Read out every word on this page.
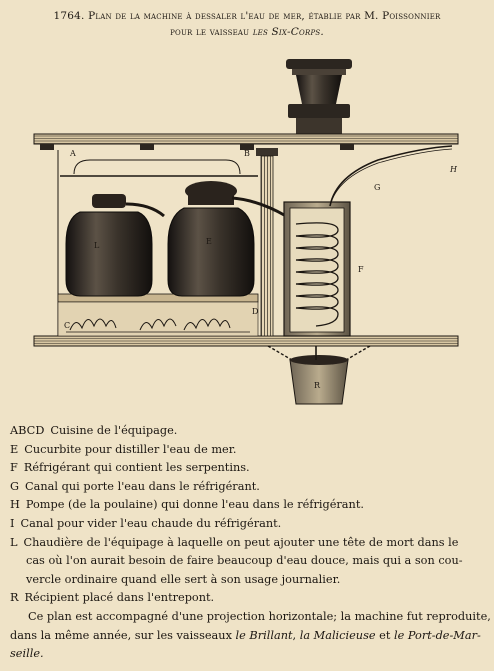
1764. Plan de la machine à dessaler l'eau de mer, établie par M. Poissonnier
pour le vaisseau les Six-Corps.
A	B
C
D
E
F
G
H
L
R
ABCD Cuisine de l'équipage.
E Cucurbite pour distiller l'eau de mer.
F Réfrigérant qui contient les serpentins.
G Canal qui porte l'eau dans le réfrigérant.
H Pompe (de la poulaine) qui donne l'eau dans le réfrigérant.
I Canal pour vider l'eau chaude du réfrigérant.
L Chaudière de l'équipage à laquelle on peut ajouter une tête de mort dans le
cas où l'on aurait besoin de faire beaucoup d'eau douce, mais qui a son cou-
vercle ordinaire quand elle sert à son usage journalier.
R Récipient placé dans l'entrepont.
Ce plan est accompagné d'une projection horizontale; la machine fut reproduite,
dans la même année, sur les vaisseaux le Brillant, la Malicieuse et le Port-de-Mar-
seille.
